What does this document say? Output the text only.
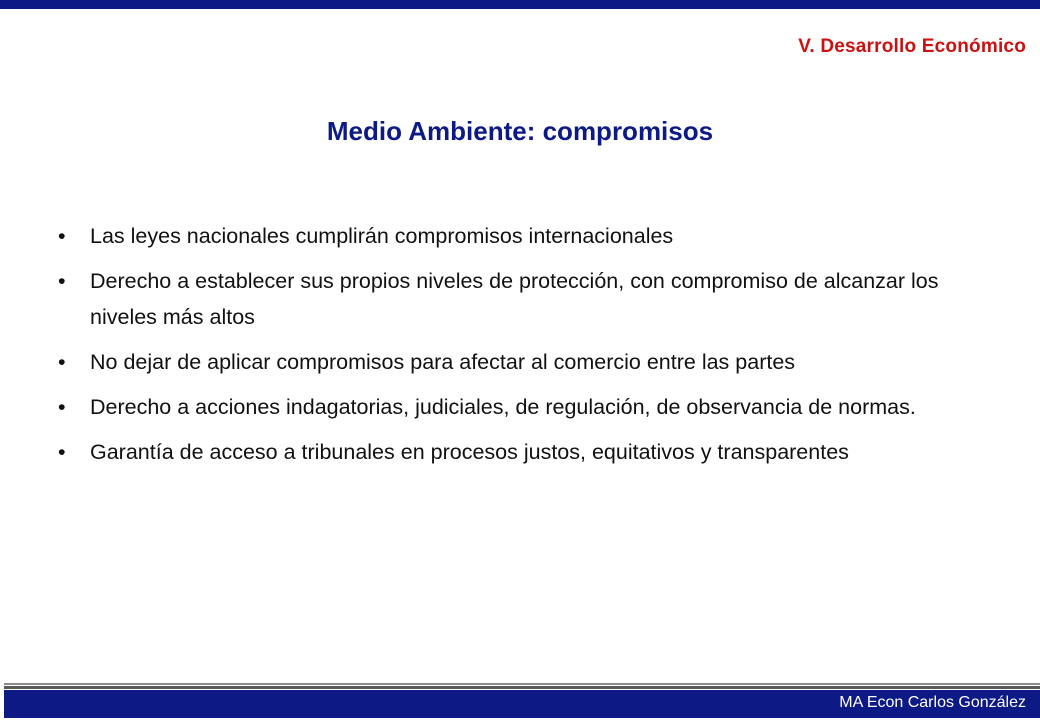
V. Desarrollo Económico
Medio Ambiente: compromisos
•	Las leyes nacionales cumplirán compromisos internacionales
•	Derecho a establecer sus propios niveles de protección, con compromiso de alcanzar los niveles más altos
•	No dejar de aplicar compromisos para afectar al comercio entre las partes
•	Derecho a acciones indagatorias, judiciales, de regulación, de observancia de normas.
•	Garantía de acceso a tribunales en procesos justos, equitativos y transparentes
MA Econ Carlos González
